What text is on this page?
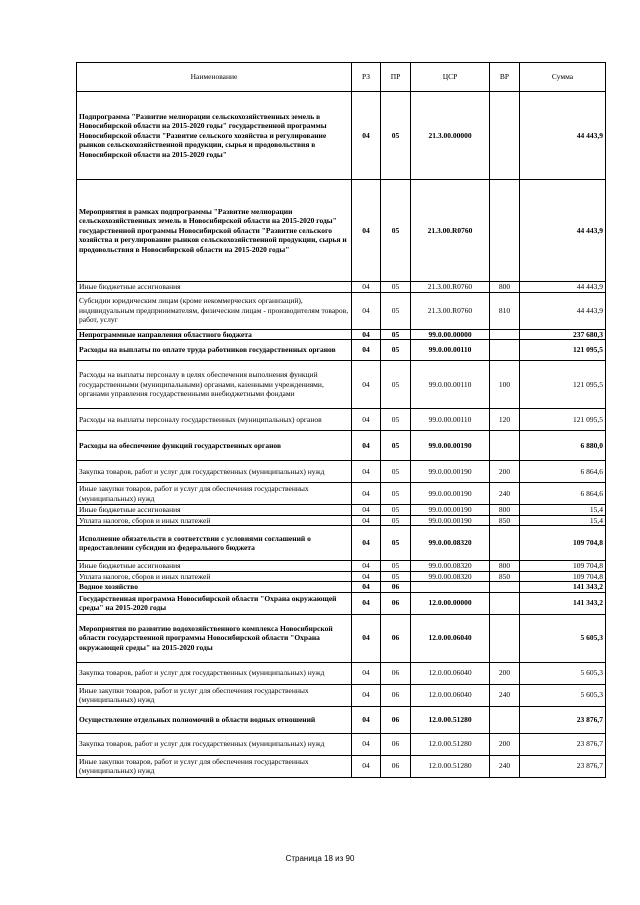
Наименование	РЗ	ПР	ЦСР	ВР	Сумма
Подпрограмма "Развитие мелиорации сельскохозяйственных земель в Новосибирской области на 2015-2020 годы" государственной программы Новосибирской области "Развитие сельского хозяйства и регулирование рынков сельскохозяйственной продукции, сырья и продовольствия в Новосибирской области на 2015-2020 годы"	04	05	21.3.00.00000		44 443,9
Мероприятия в рамках подпрограммы "Развитие мелиорации сельскохозяйственных земель в Новосибирской области на 2015-2020 годы" государственной программы Новосибирской области "Развитие сельского хозяйства и регулирование рынков сельскохозяйственной продукции, сырья и продовольствия в Новосибирской области на 2015-2020 годы"	04	05	21.3.00.R0760		44 443,9
Иные бюджетные ассигнования	04	05	21.3.00.R0760	800	44 443,9
Субсидии юридическим лицам (кроме некоммерческих организаций), индивидуальным предпринимателям, физическим лицам - производителям товаров, работ, услуг	04	05	21.3.00.R0760	810	44 443,9
Непрограммные направления областного бюджета	04	05	99.0.00.00000		237 680,3
Расходы на выплаты по оплате труда работников государственных органов	04	05	99.0.00.00110		121 095,5
Расходы на выплаты персоналу в целях обеспечения выполнения функций государственными (муниципальными) органами, казенными учреждениями, органами управления государственными внебюджетными фондами	04	05	99.0.00.00110	100	121 095,5
Расходы на выплаты персоналу государственных (муниципальных) органов	04	05	99.0.00.00110	120	121 095,5
Расходы на обеспечение функций государственных органов	04	05	99.0.00.00190		6 880,0
Закупка товаров, работ и услуг для государственных (муниципальных) нужд	04	05	99.0.00.00190	200	6 864,6
Иные закупки товаров, работ и услуг для обеспечения государственных (муниципальных) нужд	04	05	99.0.00.00190	240	6 864,6
Иные бюджетные ассигнования	04	05	99.0.00.00190	800	15,4
Уплата налогов, сборов и иных платежей	04	05	99.0.00.00190	850	15,4
Исполнение обязательств в соответствии с условиями соглашений о предоставлении субсидии из федерального бюджета	04	05	99.0.00.08320		109 704,8
Иные бюджетные ассигнования	04	05	99.0.00.08320	800	109 704,8
Уплата налогов, сборов и иных платежей	04	05	99.0.00.08320	850	109 704,8
Водное хозяйство	04	06			141 343,2
Государственная программа Новосибирской области "Охрана окружающей среды" на 2015-2020 годы	04	06	12.0.00.00000		141 343,2
Мероприятия по развитию водохозяйственного комплекса Новосибирской области государственной программы Новосибирской области "Охрана окружающей среды" на 2015-2020 годы	04	06	12.0.00.06040		5 605,3
Закупка товаров, работ и услуг для государственных (муниципальных) нужд	04	06	12.0.00.06040	200	5 605,3
Иные закупки товаров, работ и услуг для обеспечения государственных (муниципальных) нужд	04	06	12.0.00.06040	240	5 605,3
Осуществление отдельных полномочий в области водных отношений	04	06	12.0.00.51280		23 876,7
Закупка товаров, работ и услуг для государственных (муниципальных) нужд	04	06	12.0.00.51280	200	23 876,7
Иные закупки товаров, работ и услуг для обеспечения государственных (муниципальных) нужд	04	06	12.0.00.51280	240	23 876,7
Страница 18 из 90
